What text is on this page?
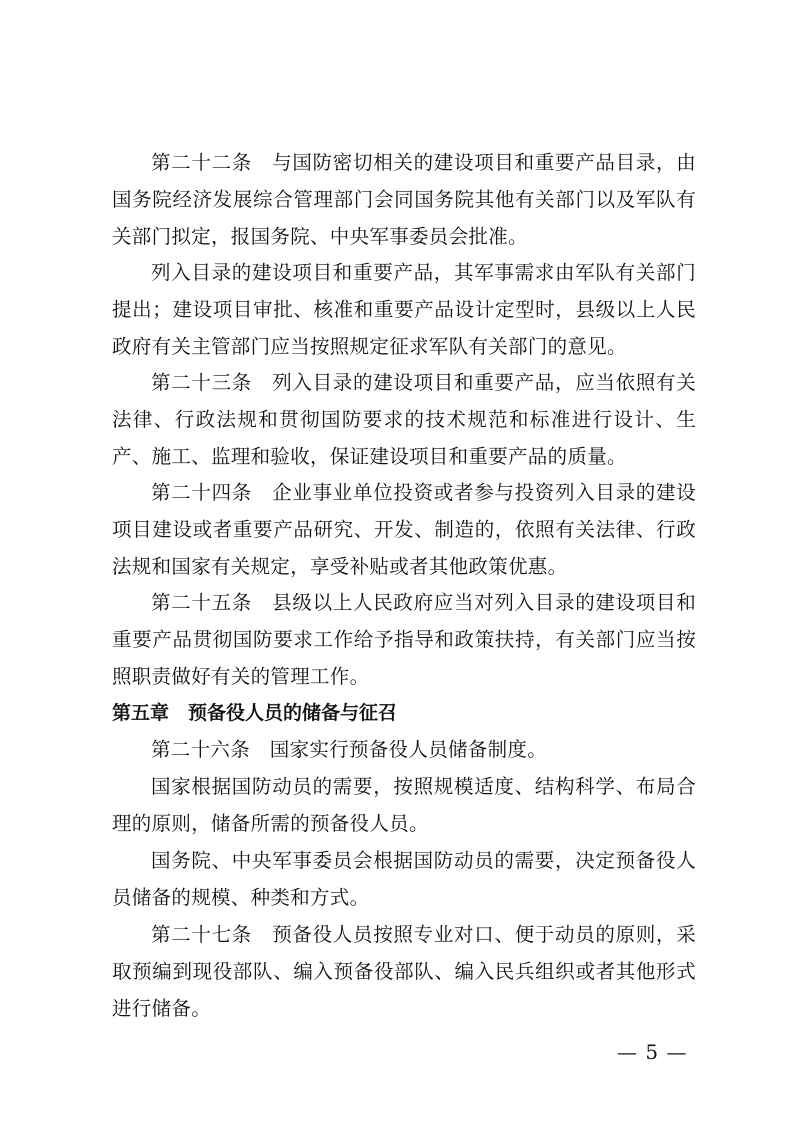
第二十二条　与国防密切相关的建设项目和重要产品目录，由国务院经济发展综合管理部门会同国务院其他有关部门以及军队有关部门拟定，报国务院、中央军事委员会批准。

列入目录的建设项目和重要产品，其军事需求由军队有关部门提出；建设项目审批、核准和重要产品设计定型时，县级以上人民政府有关主管部门应当按照规定征求军队有关部门的意见。

第二十三条　列入目录的建设项目和重要产品，应当依照有关法律、行政法规和贯彻国防要求的技术规范和标准进行设计、生产、施工、监理和验收，保证建设项目和重要产品的质量。

第二十四条　企业事业单位投资或者参与投资列入目录的建设项目建设或者重要产品研究、开发、制造的，依照有关法律、行政法规和国家有关规定，享受补贴或者其他政策优惠。

第二十五条　县级以上人民政府应当对列入目录的建设项目和重要产品贯彻国防要求工作给予指导和政策扶持，有关部门应当按照职责做好有关的管理工作。

第五章　预备役人员的储备与征召

第二十六条　国家实行预备役人员储备制度。

国家根据国防动员的需要，按照规模适度、结构科学、布局合理的原则，储备所需的预备役人员。

国务院、中央军事委员会根据国防动员的需要，决定预备役人员储备的规模、种类和方式。

第二十七条　预备役人员按照专业对口、便于动员的原则，采取预编到现役部队、编入预备役部队、编入民兵组织或者其他形式进行储备。

— 5 —
